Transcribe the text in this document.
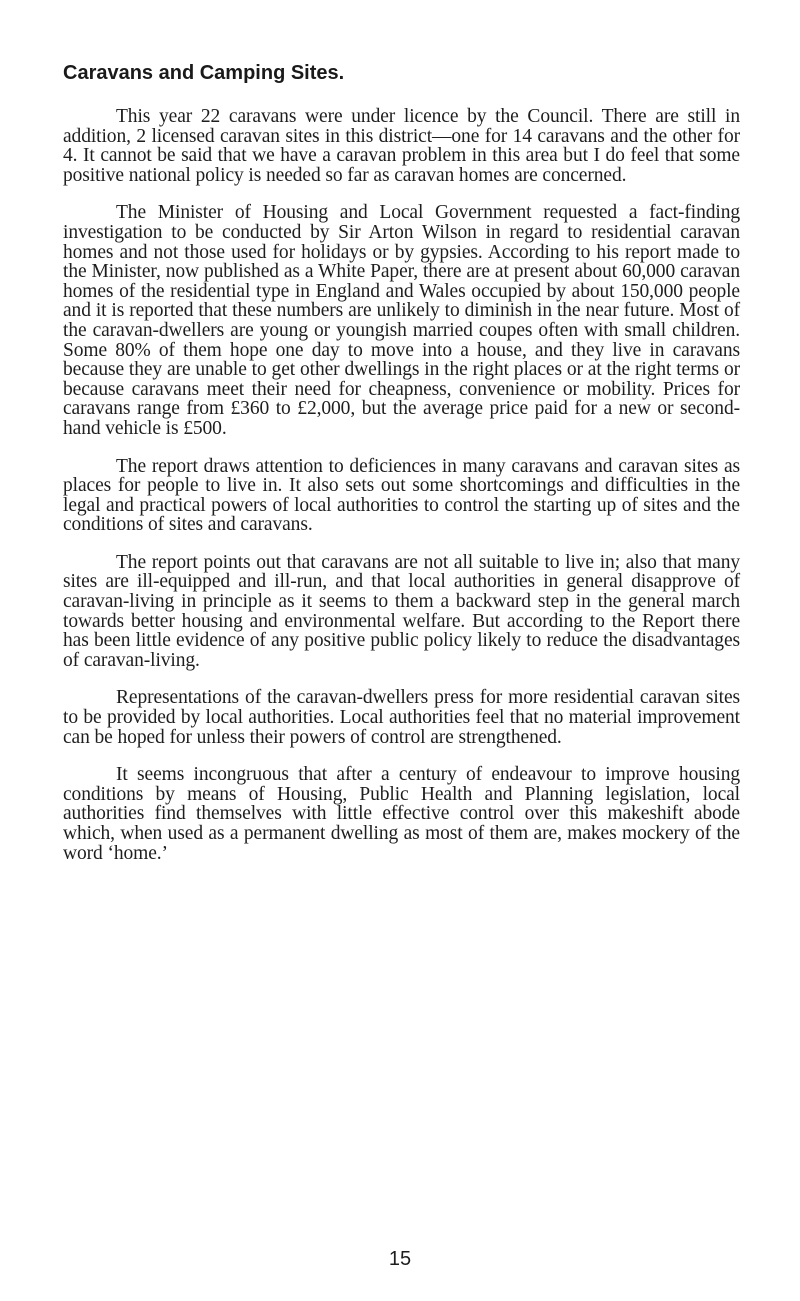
Caravans and Camping Sites.

This year 22 caravans were under licence by the Council. There are still in addition, 2 licensed caravan sites in this district—one for 14 caravans and the other for 4. It cannot be said that we have a caravan problem in this area but I do feel that some positive national policy is needed so far as caravan homes are concerned.

The Minister of Housing and Local Government requested a fact-finding investigation to be conducted by Sir Arton Wilson in regard to residential caravan homes and not those used for holidays or by gypsies. According to his report made to the Minister, now published as a White Paper, there are at present about 60,000 caravan homes of the residential type in England and Wales occupied by about 150,000 people and it is reported that these numbers are unlikely to diminish in the near future. Most of the caravan-dwellers are young or youngish married coupes often with small children. Some 80% of them hope one day to move into a house, and they live in caravans because they are unable to get other dwellings in the right places or at the right terms or because caravans meet their need for cheapness, convenience or mobility. Prices for caravans range from £360 to £2,000, but the average price paid for a new or second-hand vehicle is £500.

The report draws attention to deficiences in many caravans and caravan sites as places for people to live in. It also sets out some shortcomings and difficulties in the legal and practical powers of local authorities to control the starting up of sites and the conditions of sites and caravans.

The report points out that caravans are not all suitable to live in; also that many sites are ill-equipped and ill-run, and that local authorities in general disapprove of caravan-living in principle as it seems to them a backward step in the general march towards better housing and environmental welfare. But according to the Report there has been little evidence of any positive public policy likely to reduce the disadvantages of caravan-living.

Representations of the caravan-dwellers press for more residential caravan sites to be provided by local authorities. Local authorities feel that no material improvement can be hoped for unless their powers of control are strengthened.

It seems incongruous that after a century of endeavour to improve housing conditions by means of Housing, Public Health and Planning legislation, local authorities find themselves with little effective control over this makeshift abode which, when used as a permanent dwelling as most of them are, makes mockery of the word ‘home.’

15
